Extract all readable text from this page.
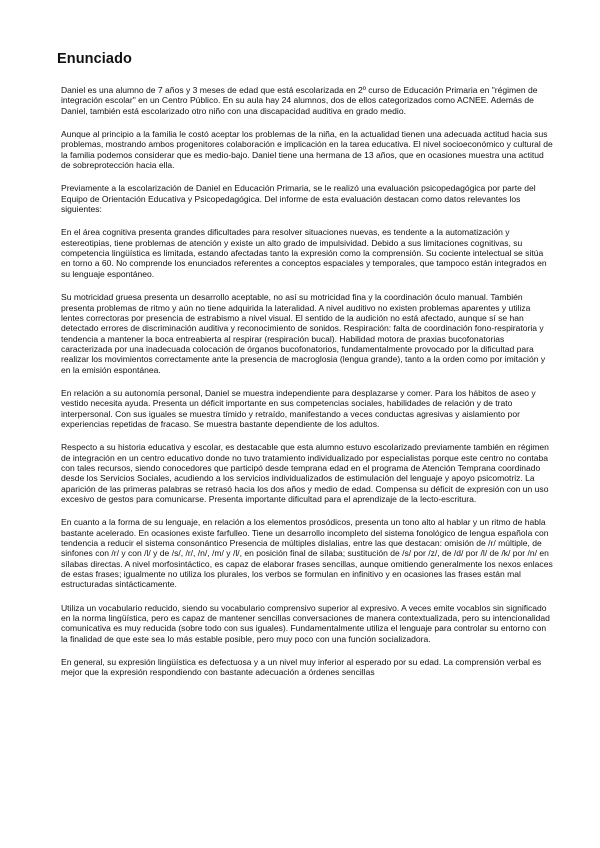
Enunciado

Daniel es una alumno de 7 años y 3 meses de edad que está escolarizada en 2º curso de Educación Primaria en "régimen de integración escolar" en un Centro Público. En su aula hay 24 alumnos, dos de ellos categorizados como ACNEE. Además de Daniel, también está escolarizado otro niño con una discapacidad auditiva en grado medio.

Aunque al principio a la familia le costó aceptar los problemas de la niña, en la actualidad tienen una adecuada actitud hacia sus problemas, mostrando ambos progenitores colaboración e implicación en la tarea educativa. El nivel socioeconómico y cultural de la familia podemos considerar que es medio-bajo. Daniel tiene una hermana de 13 años, que en ocasiones muestra una actitud de sobreprotección hacia ella.

Previamente a la escolarización de Daniel en Educación Primaria, se le realizó una evaluación psicopedagógica por parte del Equipo de Orientación Educativa y Psicopedagógica. Del informe de esta evaluación destacan como datos relevantes los siguientes:

En el área cognitiva presenta grandes dificultades para resolver situaciones nuevas, es tendente a la automatización y estereotipias, tiene problemas de atención y existe un alto grado de impulsividad. Debido a sus limitaciones cognitivas, su competencia lingüística es limitada, estando afectadas tanto la expresión como la comprensión. Su cociente intelectual se sitúa en torno a 60. No comprende los enunciados referentes a conceptos espaciales y temporales, que tampoco están integrados en su lenguaje espontáneo.

Su motricidad gruesa presenta un desarrollo aceptable, no así su motricidad fina y la coordinación óculo manual. También presenta problemas de ritmo y aún no tiene adquirida la lateralidad. A nivel auditivo no existen problemas aparentes y utiliza lentes correctoras por presencia de estrabismo a nivel visual. El sentido de la audición no está afectado, aunque sí se han detectado errores de discriminación auditiva y reconocimiento de sonidos. Respiración: falta de coordinación fono-respiratoria y tendencia a mantener la boca entreabierta al respirar (respiración bucal). Habilidad motora de praxias bucofonatorias caracterizada por una inadecuada colocación de órganos bucofonatorios, fundamentalmente provocado por la dificultad para realizar los movimientos correctamente ante la presencia de macroglosia (lengua grande), tanto a la orden como por imitación y en la emisión espontánea.

En relación a su autonomía personal, Daniel se muestra independiente para desplazarse y comer. Para los hábitos de aseo y vestido necesita ayuda. Presenta un déficit importante en sus competencias sociales, habilidades de relación y de trato interpersonal. Con sus iguales se muestra tímido y retraído, manifestando a veces conductas agresivas y aislamiento por experiencias repetidas de fracaso. Se muestra bastante dependiente de los adultos.

Respecto a su historia educativa y escolar, es destacable que esta alumno estuvo escolarizado previamente también en régimen de integración en un centro educativo donde no tuvo tratamiento individualizado por especialistas porque este centro no contaba con tales recursos, siendo conocedores que participó desde temprana edad en el programa de Atención Temprana coordinado desde los Servicios Sociales, acudiendo a los servicios individualizados de estimulación del lenguaje y apoyo psicomotriz. La aparición de las primeras palabras se retrasó hacia los dos años y medio de edad. Compensa su déficit de expresión con un uso excesivo de gestos para comunicarse. Presenta importante dificultad para el aprendizaje de la lecto-escritura.

En cuanto a la forma de su lenguaje, en relación a los elementos prosódicos, presenta un tono alto al hablar y un ritmo de habla bastante acelerado. En ocasiones existe farfulleo. Tiene un desarrollo incompleto del sistema fonológico de lengua española con tendencia a reducir el sistema consonántico Presencia de múltiples dislalias, entre las que destacan: omisión de /r/ múltiple, de sinfones con /r/ y con /l/ y de /s/, /r/, /n/, /m/ y /l/, en posición final de sílaba; sustitución de /s/ por /z/, de /d/ por /l/ de /k/ por /n/ en sílabas directas. A nivel morfosintáctico, es capaz de elaborar frases sencillas, aunque omitiendo generalmente los nexos enlaces de estas frases; igualmente no utiliza los plurales, los verbos se formulan en infinitivo y en ocasiones las frases están mal estructuradas sintácticamente.

Utiliza un vocabulario reducido, siendo su vocabulario comprensivo superior al expresivo. A veces emite vocablos sin significado en la norma lingüística, pero es capaz de mantener sencillas conversaciones de manera contextualizada, pero su intencionalidad comunicativa es muy reducida (sobre todo con sus iguales). Fundamentalmente utiliza el lenguaje para controlar su entorno con la finalidad de que este sea lo más estable posible, pero muy poco con una función socializadora.

En general, su expresión lingüística es defectuosa y a un nivel muy inferior al esperado por su edad. La comprensión verbal es mejor que la expresión respondiendo con bastante adecuación a órdenes sencillas
